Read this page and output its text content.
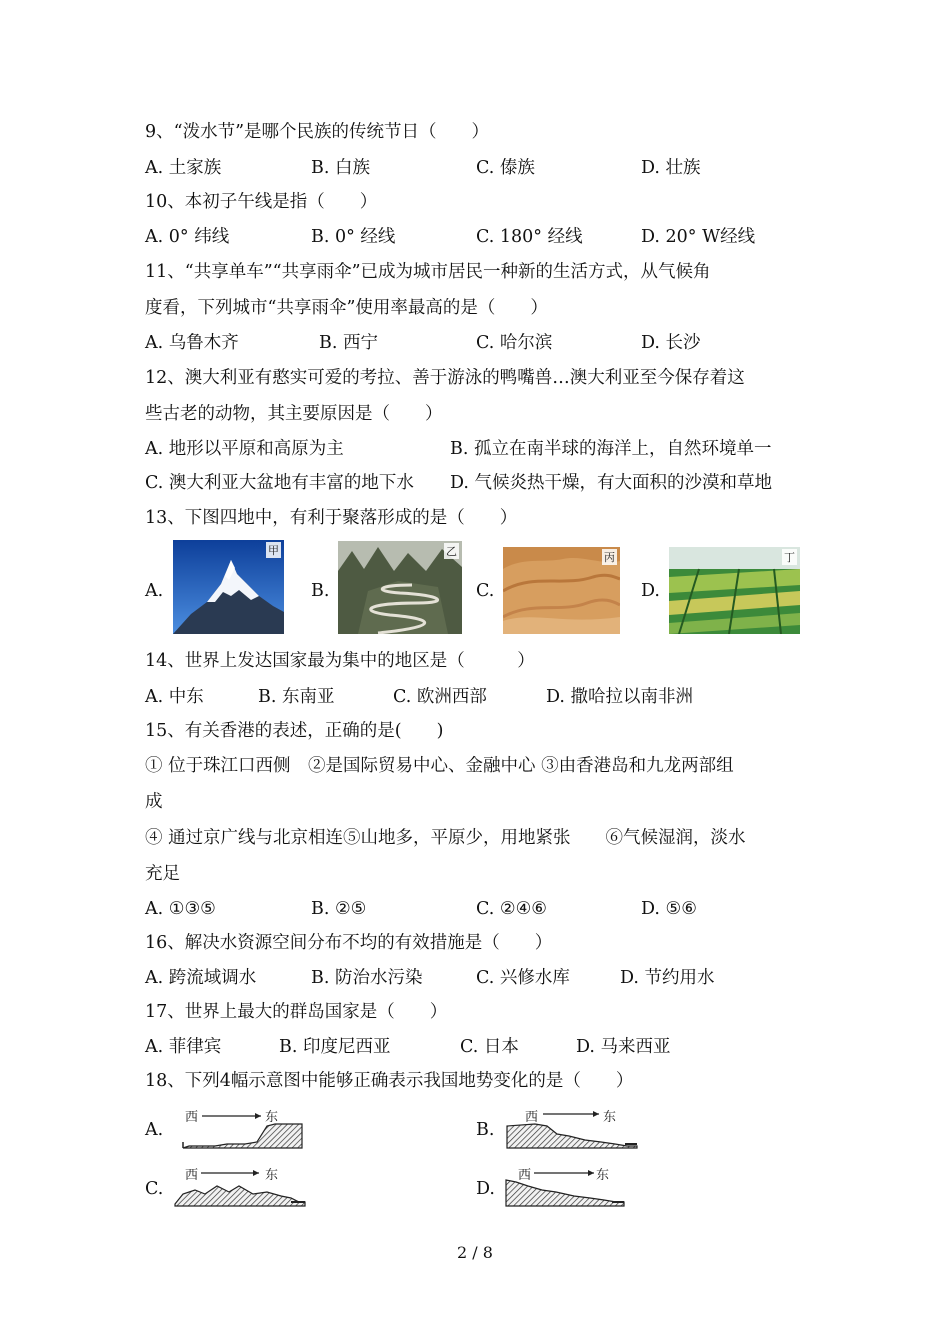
9、“泼水节”是哪个民族的传统节日（　　）
A. 土家族	B. 白族	C. 傣族	D. 壮族
10、本初子午线是指（　　）
A. 0° 纬线	B. 0° 经线	C. 180° 经线	D. 20° W经线
11、“共享单车”“共享雨伞”已成为城市居民一种新的生活方式，从气候角
度看，下列城市“共享雨伞”使用率最高的是（　　）
A. 乌鲁木齐	B. 西宁	C. 哈尔滨	D. 长沙
12、澳大利亚有憨实可爱的考拉、善于游泳的鸭嘴兽…澳大利亚至今保存着这
些古老的动物，其主要原因是（　　）
A. 地形以平原和高原为主	B. 孤立在南半球的海洋上，自然环境单一
C. 澳大利亚大盆地有丰富的地下水 D. 气候炎热干燥，有大面积的沙漠和草地
13、下图四地中，有利于聚落形成的是（　　）
A.	B.	C.	D.
甲	乙	丙	丁
14、世界上发达国家最为集中的地区是（　　　）
A. 中东	B. 东南亚	C. 欧洲西部	D. 撒哈拉以南非洲
15、有关香港的表述，正确的是(　　)
① 位于珠江口西侧　②是国际贸易中心、金融中心 ③由香港岛和九龙两部组
成
④ 通过京广线与北京相连⑤山地多，平原少，用地紧张　　⑥气候湿润，淡水
充足
A. ①③⑤	B. ②⑤	C. ②④⑥	D. ⑤⑥
16、解决水资源空间分布不均的有效措施是（　　）
A. 跨流域调水	B. 防治水污染	C. 兴修水库	D. 节约用水
17、世界上最大的群岛国家是（　　）
A. 菲律宾	B. 印度尼西亚	C. 日本	D. 马来西亚
18、下列4幅示意图中能够正确表示我国地势变化的是（　　）
A.	B.
C.	D.
西	东	西	东
西	东	西	东
2 / 8
